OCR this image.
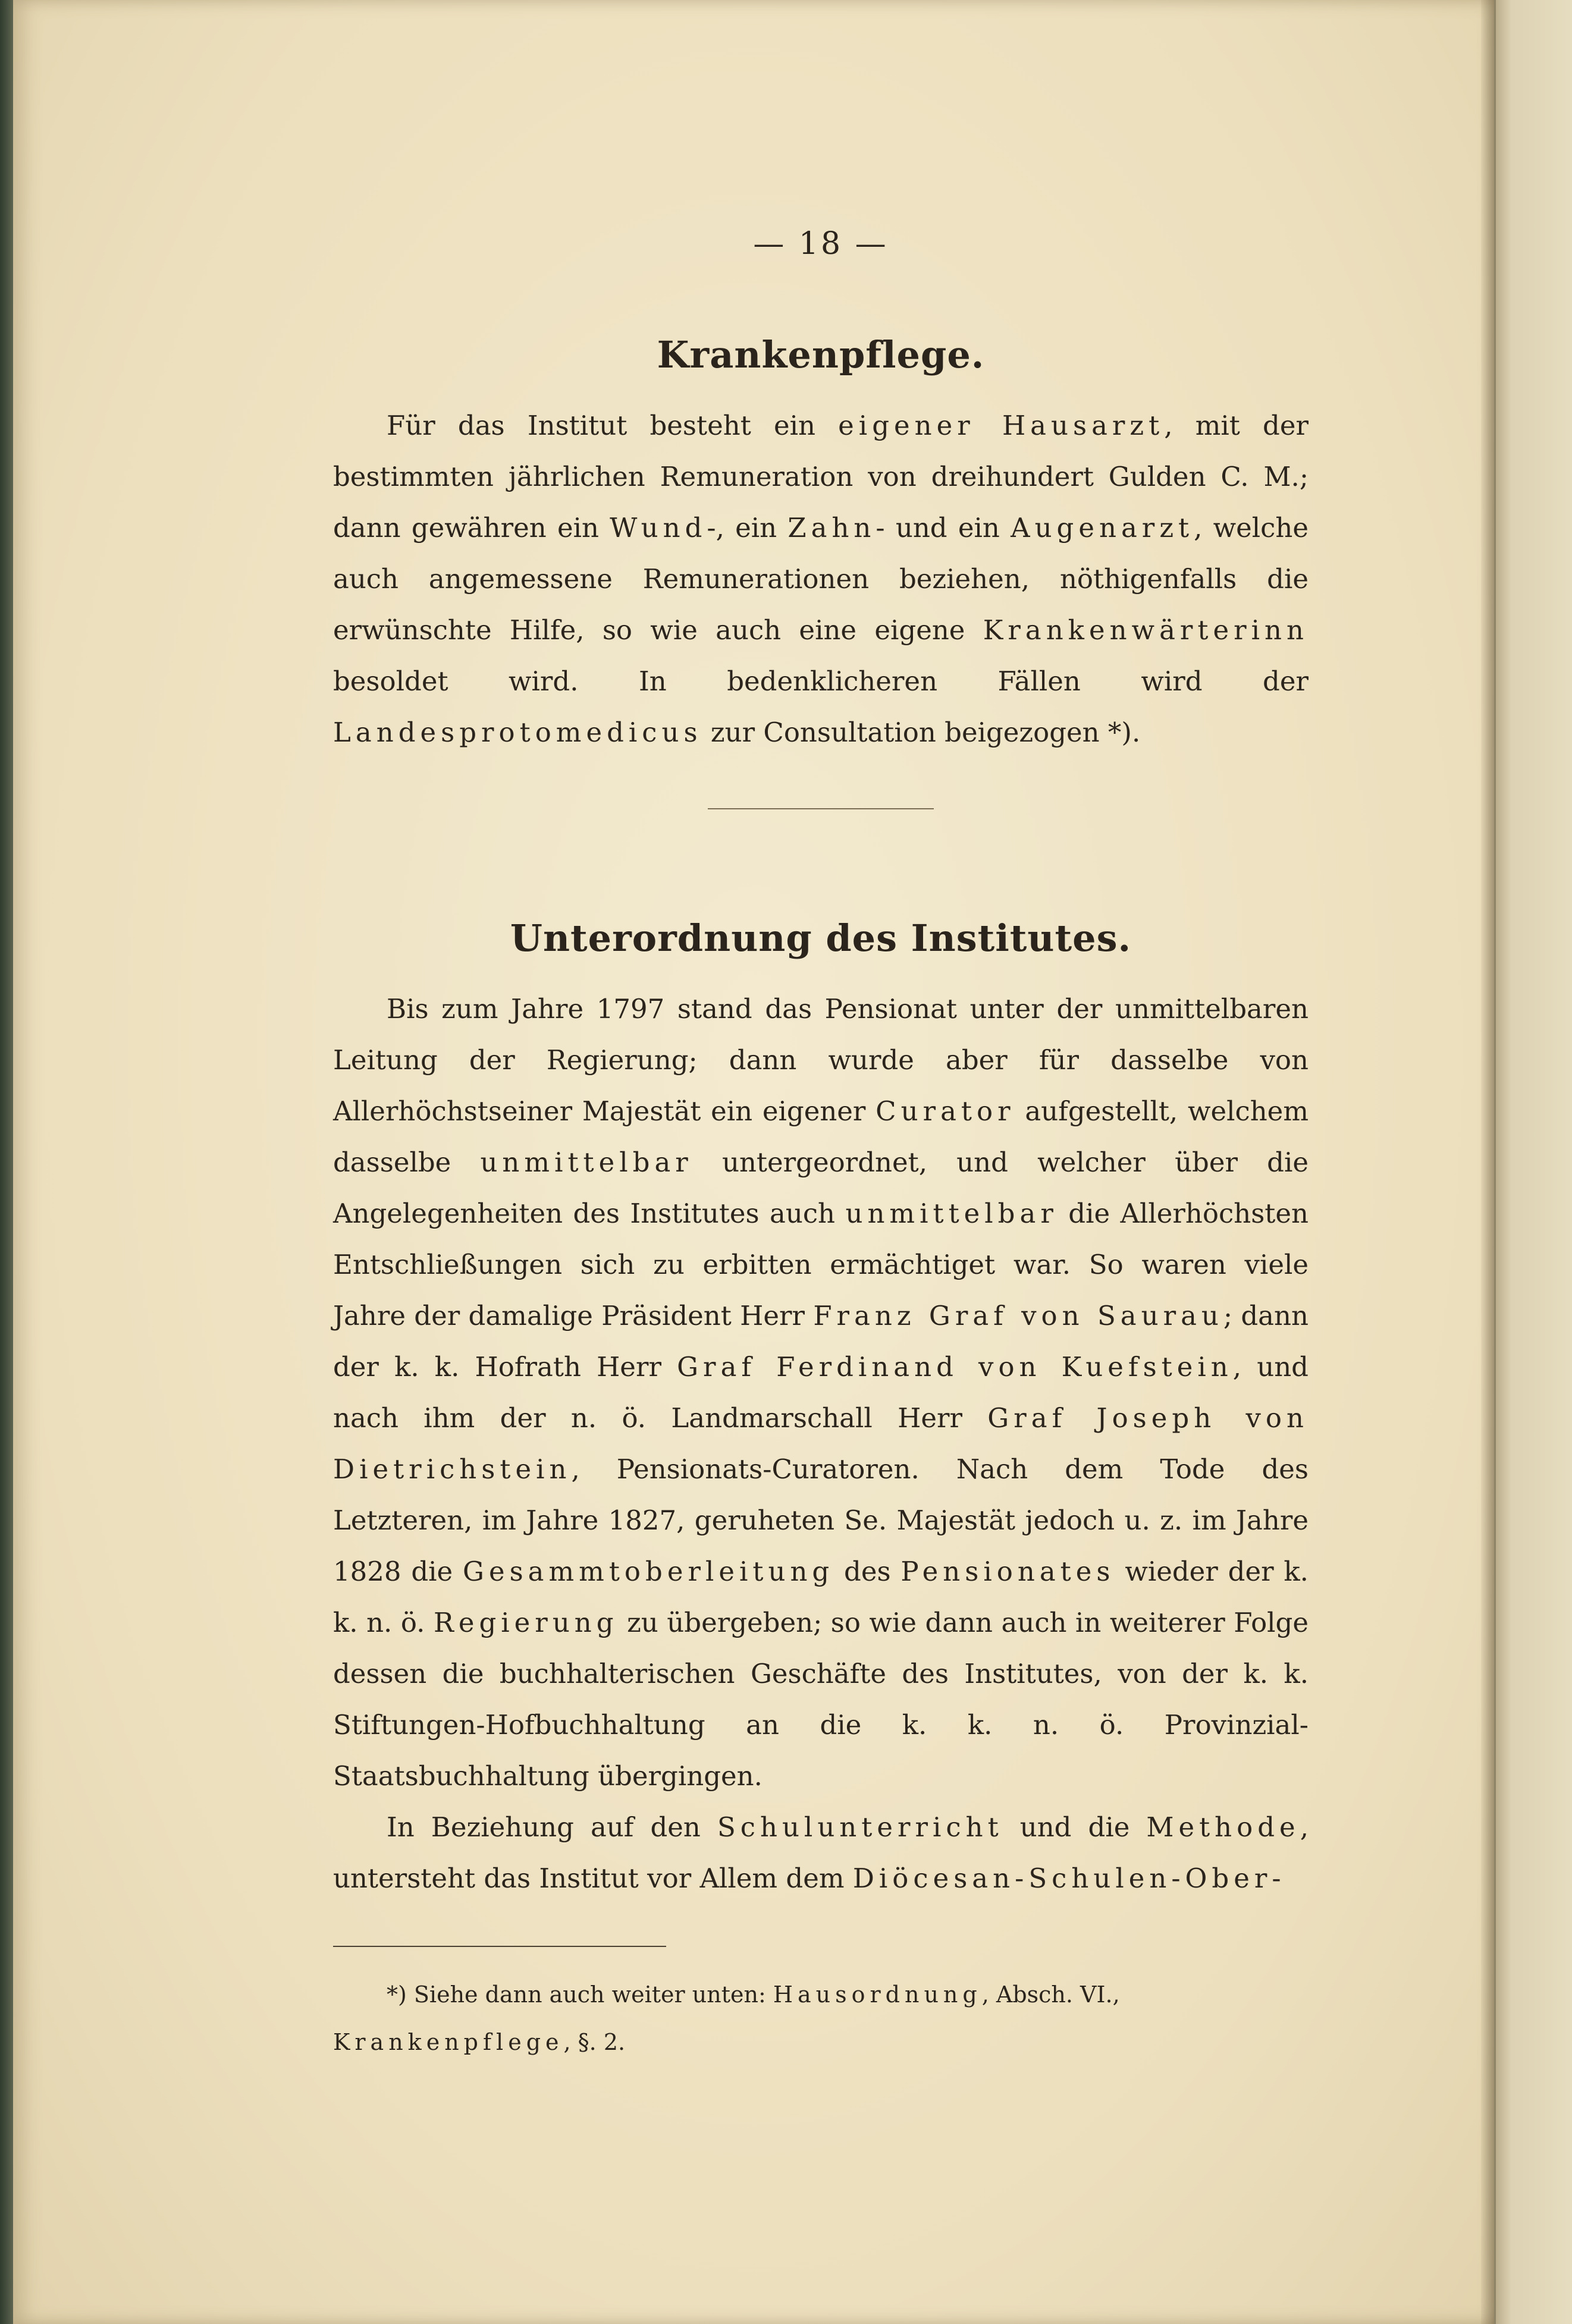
— 18 —
Krankenpflege.

Für das Institut besteht ein eigener Hausarzt, mit der bestimmten jährlichen Remuneration von dreihundert Gulden C. M.; dann gewähren ein Wund-, ein Zahn- und ein Augenarzt, welche auch angemessene Remunerationen beziehen, nöthigenfalls die erwünschte Hilfe, so wie auch eine eigene Krankenwärterinn besoldet wird. In bedenklicheren Fällen wird der Landesprotomedicus zur Consultation beigezogen *).

Unterordnung des Institutes.

Bis zum Jahre 1797 stand das Pensionat unter der unmittelbaren Leitung der Regierung; dann wurde aber für dasselbe von Allerhöchstseiner Majestät ein eigener Curator aufgestellt, welchem dasselbe unmittelbar untergeordnet, und welcher über die Angelegenheiten des Institutes auch unmittelbar die Allerhöchsten Entschließungen sich zu erbitten ermächtiget war. So waren viele Jahre der damalige Präsident Herr Franz Graf von Saurau; dann der k. k. Hofrath Herr Graf Ferdinand von Kuefstein, und nach ihm der n. ö. Landmarschall Herr Graf Joseph von Dietrichstein, Pensionats-Curatoren. Nach dem Tode des Letzteren, im Jahre 1827, geruheten Se. Majestät jedoch u. z. im Jahre 1828 die Gesammtoberleitung des Pensionates wieder der k. k. n. ö. Regierung zu übergeben; so wie dann auch in weiterer Folge dessen die buchhalterischen Geschäfte des Institutes, von der k. k. Stiftungen-Hofbuchhaltung an die k. k. n. ö. Provinzial-Staatsbuchhaltung übergingen.

In Beziehung auf den Schulunterricht und die Methode, untersteht das Institut vor Allem dem Diöcesan-Schulen-Ober-

*) Siehe dann auch weiter unten: Hausordnung, Absch. VI., Krankenpflege, §. 2.
